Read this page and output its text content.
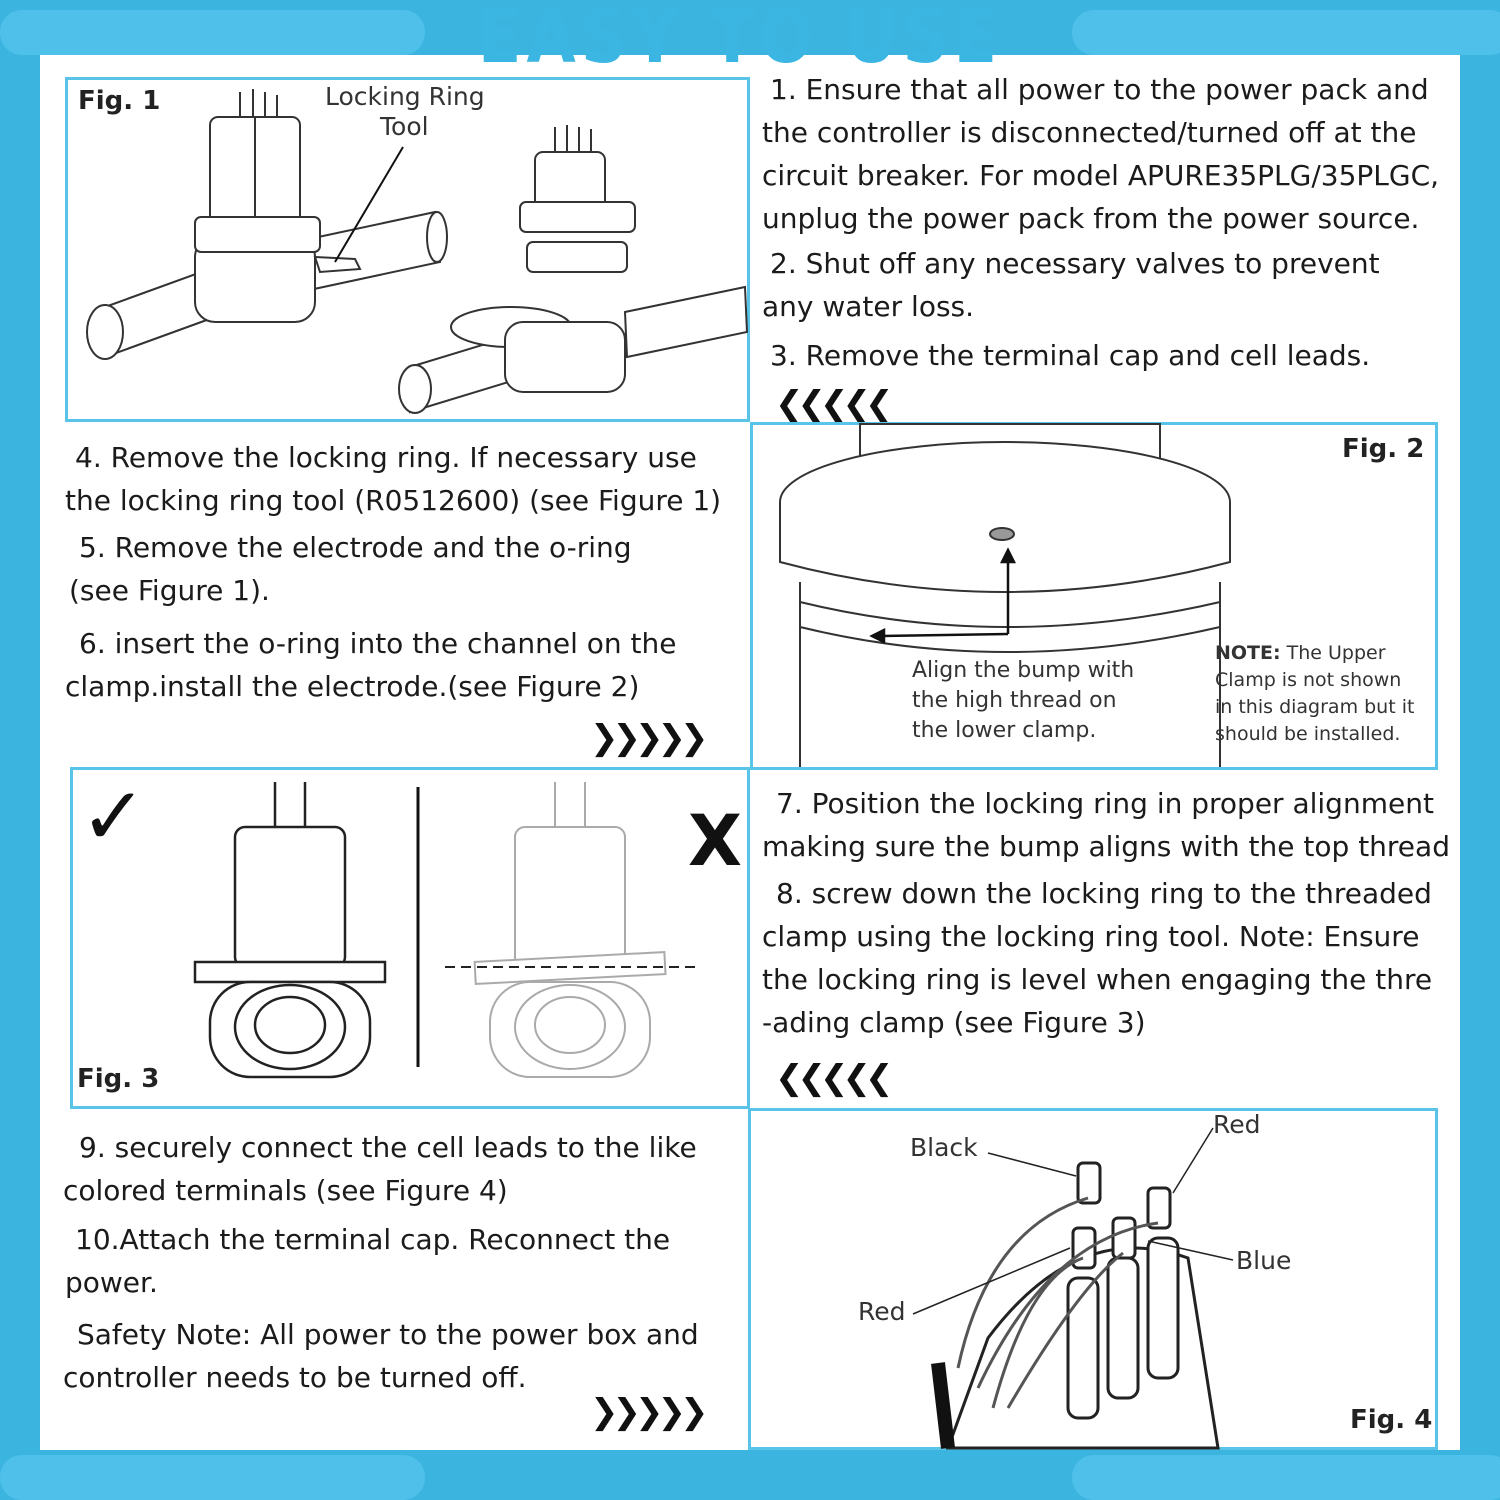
EASY TO USE
Fig. 1	Locking Ring
Tool

1. Ensure that all power to the power pack and

the controller is disconnected/turned off at the

circuit breaker. For model APURE35PLG/35PLGC,

unplug the power pack from the power source.

2. Shut off any necessary valves to prevent

any water loss.

3. Remove the terminal cap and cell leads.

❮❮❮❮❮

4. Remove the locking ring. If necessary use

the locking ring tool (R0512600) (see Figure 1)

5. Remove the electrode and the o-ring

(see Figure 1).

6. insert the o-ring into the channel on the

clamp.install the electrode.(see Figure 2)

❯❯❯❯❯
Fig. 2
Align the bump with
the high thread on
the lower clamp.
NOTE: The Upper
Clamp is not shown
in this diagram but it
should be installed.
✓	X
Fig. 3

7. Position the locking ring in proper alignment

making sure the bump aligns with the top thread

8. screw down the locking ring to the threaded

clamp using the locking ring tool. Note: Ensure

the locking ring is level when engaging the thre

-ading clamp (see Figure 3)

❮❮❮❮❮

9. securely connect the cell leads to the like

colored terminals (see Figure 4)

10.Attach the terminal cap. Reconnect the

power.

Safety Note: All power to the power box and

controller needs to be turned off.

❯❯❯❯❯	Fig. 4
Black
Red
Blue
Red
